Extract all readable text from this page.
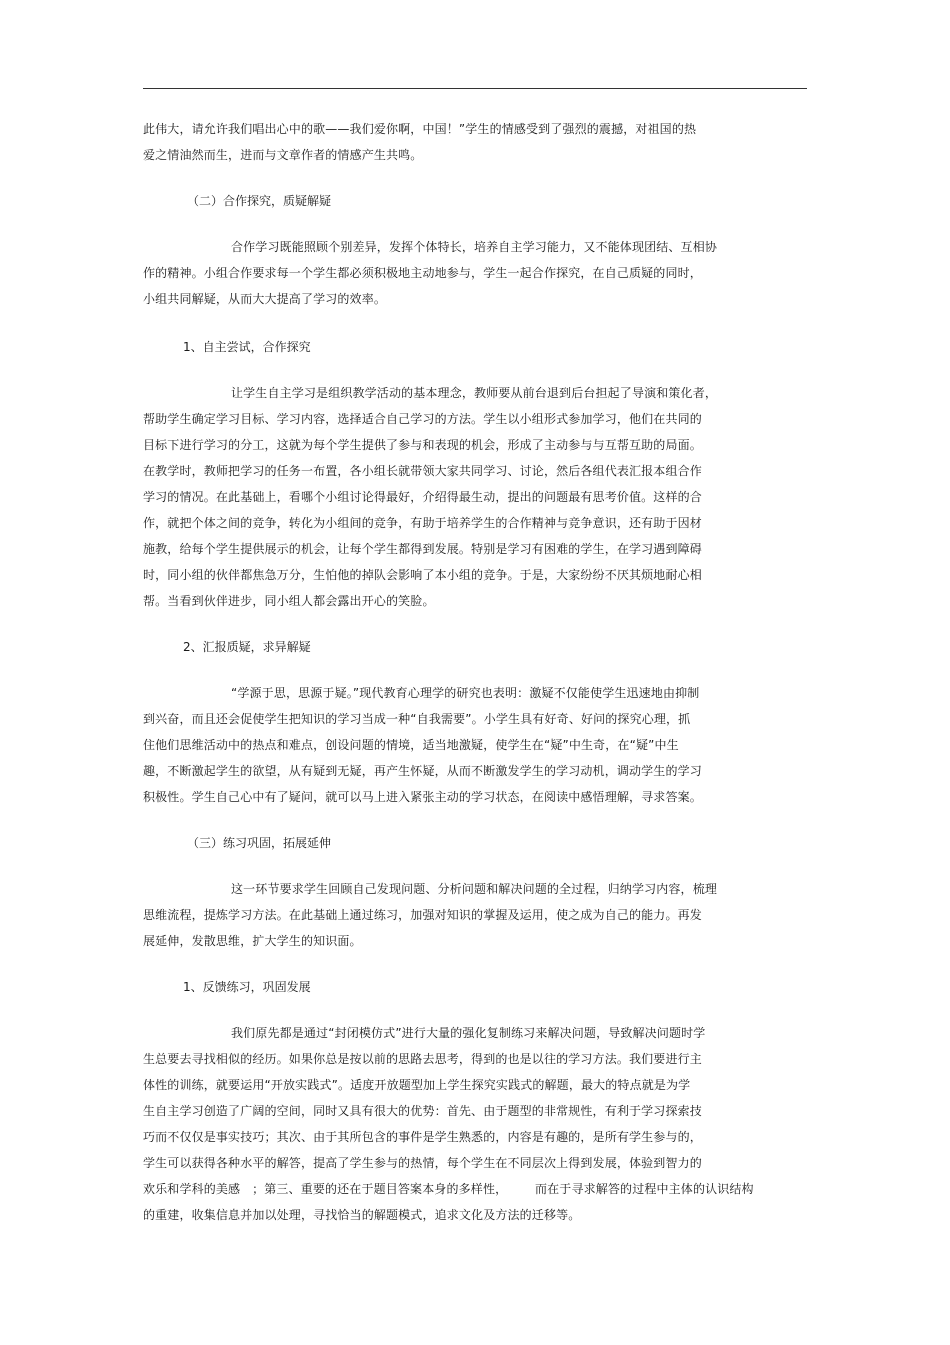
此伟大，请允许我们唱出心中的歌——我们爱你啊，中国！”学生的情感受到了强烈的震撼，对祖国的热
爱之情油然而生，进而与文章作者的情感产生共鸣。
（二）合作探究，质疑解疑
合作学习既能照顾个别差异，发挥个体特长，培养自主学习能力，又不能体现团结、互相协
作的精神。小组合作要求每一个学生都必须积极地主动地参与，学生一起合作探究，在自己质疑的同时，
小组共同解疑，从而大大提高了学习的效率。
1、自主尝试，合作探究
让学生自主学习是组织教学活动的基本理念，教师要从前台退到后台担起了导演和策化者，
帮助学生确定学习目标、学习内容，选择适合自己学习的方法。学生以小组形式参加学习，他们在共同的
目标下进行学习的分工，这就为每个学生提供了参与和表现的机会，形成了主动参与与互帮互助的局面。
在教学时，教师把学习的任务一布置，各小组长就带领大家共同学习、讨论，然后各组代表汇报本组合作
学习的情况。在此基础上，看哪个小组讨论得最好，介绍得最生动，提出的问题最有思考价值。这样的合
作，就把个体之间的竞争，转化为小组间的竞争，有助于培养学生的合作精神与竞争意识，还有助于因材
施教，给每个学生提供展示的机会，让每个学生都得到发展。特别是学习有困难的学生，在学习遇到障碍
时，同小组的伙伴都焦急万分，生怕他的掉队会影响了本小组的竞争。于是，大家纷纷不厌其烦地耐心相
帮。当看到伙伴进步，同小组人都会露出开心的笑脸。
2、汇报质疑，求异解疑
“学源于思，思源于疑。”现代教育心理学的研究也表明：激疑不仅能使学生迅速地由抑制
到兴奋，而且还会促使学生把知识的学习当成一种“自我需要”。小学生具有好奇、好问的探究心理，抓
住他们思维活动中的热点和难点，创设问题的情境，适当地激疑，使学生在“疑”中生奇，在“疑”中生
趣，不断激起学生的欲望，从有疑到无疑，再产生怀疑，从而不断激发学生的学习动机，调动学生的学习
积极性。学生自己心中有了疑问，就可以马上进入紧张主动的学习状态，在阅读中感悟理解，寻求答案。
（三）练习巩固，拓展延伸
这一环节要求学生回顾自己发现问题、分析问题和解决问题的全过程，归纳学习内容，梳理
思维流程，提炼学习方法。在此基础上通过练习，加强对知识的掌握及运用，使之成为自己的能力。再发
展延伸，发散思维，扩大学生的知识面。
1、反馈练习，巩固发展
我们原先都是通过“封闭模仿式”进行大量的强化复制练习来解决问题，导致解决问题时学
生总要去寻找相似的经历。如果你总是按以前的思路去思考，得到的也是以往的学习方法。我们要进行主
体性的训练，就要运用“开放实践式”。适度开放题型加上学生探究实践式的解题，最大的特点就是为学
生自主学习创造了广阔的空间，同时又具有很大的优势：首先、由于题型的非常规性，有利于学习探索技
巧而不仅仅是事实技巧；其次、由于其所包含的事件是学生熟悉的，内容是有趣的，是所有学生参与的，
学生可以获得各种水平的解答，提高了学生参与的热情，每个学生在不同层次上得到发展，体验到智力的
欢乐和学科的美感   ；第三、重要的还在于题目答案本身的多样性，       而在于寻求解答的过程中主体的认识结构
的重建，收集信息并加以处理，寻找恰当的解题模式，追求文化及方法的迁移等。
